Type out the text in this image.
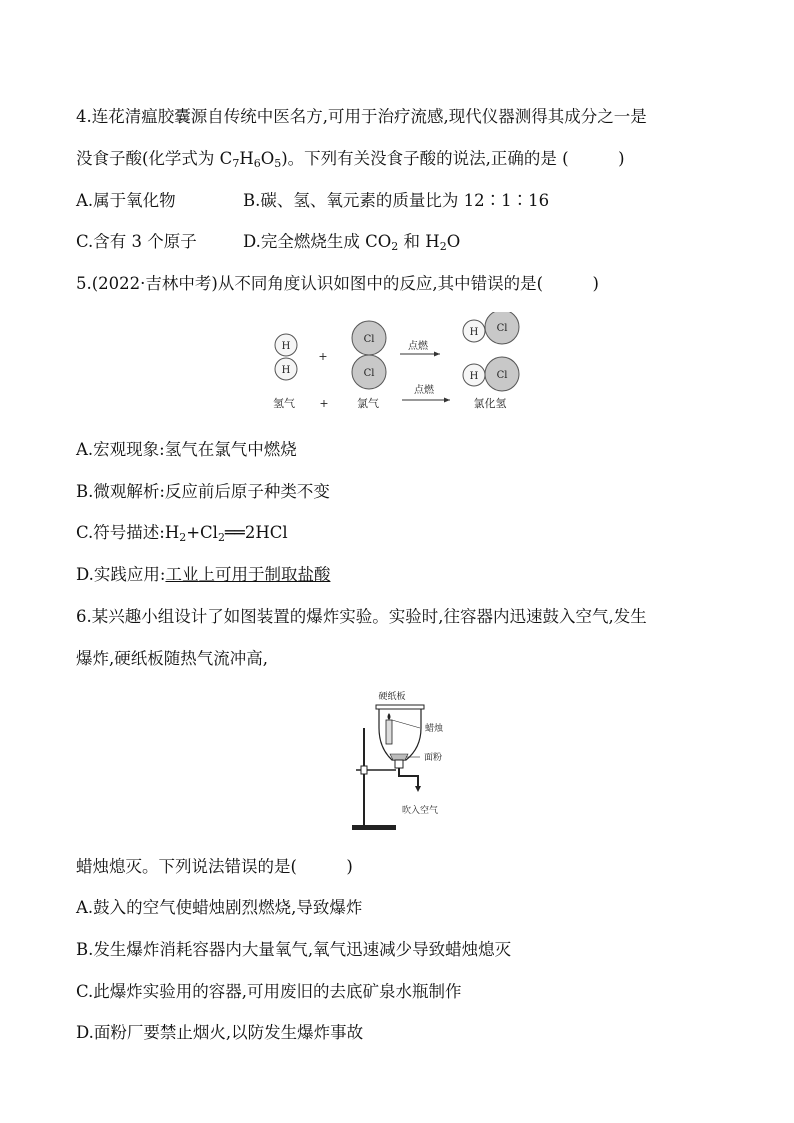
4.连花清瘟胶囊源自传统中医名方,可用于治疗流感,现代仪器测得其成分之一是
没食子酸(化学式为 $C_7H_6O_5$)。下列有关没食子酸的说法,正确的是 (　　　)
A.属于氧化物	B.碳、氢、氧元素的质量比为 12∶1∶16
C.含有 3 个原子	D.完全燃烧生成 $CO_2$ 和 $H_2O$
5.(2022·吉林中考)从不同角度认识如图中的反应,其中错误的是(　　　)
H
H
+
Cl
Cl
点燃
点燃
H Cl
H Cl
氢气 +	氯气	氯化氢
A.宏观现象:氢气在氯气中燃烧
B.微观解析:反应前后原子种类不变
C.符号描述$:H_2+Cl_2══2HCl$
D.实践应用:工业上可用于制取盐酸
6.某兴趣小组设计了如图装置的爆炸实验。实验时,往容器内迅速鼓入空气,发生
爆炸,硬纸板随热气流冲高,
硬纸板
蜡烛
面粉
吹入空气
蜡烛熄灭。下列说法错误的是(　　　)
A.鼓入的空气使蜡烛剧烈燃烧,导致爆炸
B.发生爆炸消耗容器内大量氧气,氧气迅速减少导致蜡烛熄灭
C.此爆炸实验用的容器,可用废旧的去底矿泉水瓶制作
D.面粉厂要禁止烟火,以防发生爆炸事故
